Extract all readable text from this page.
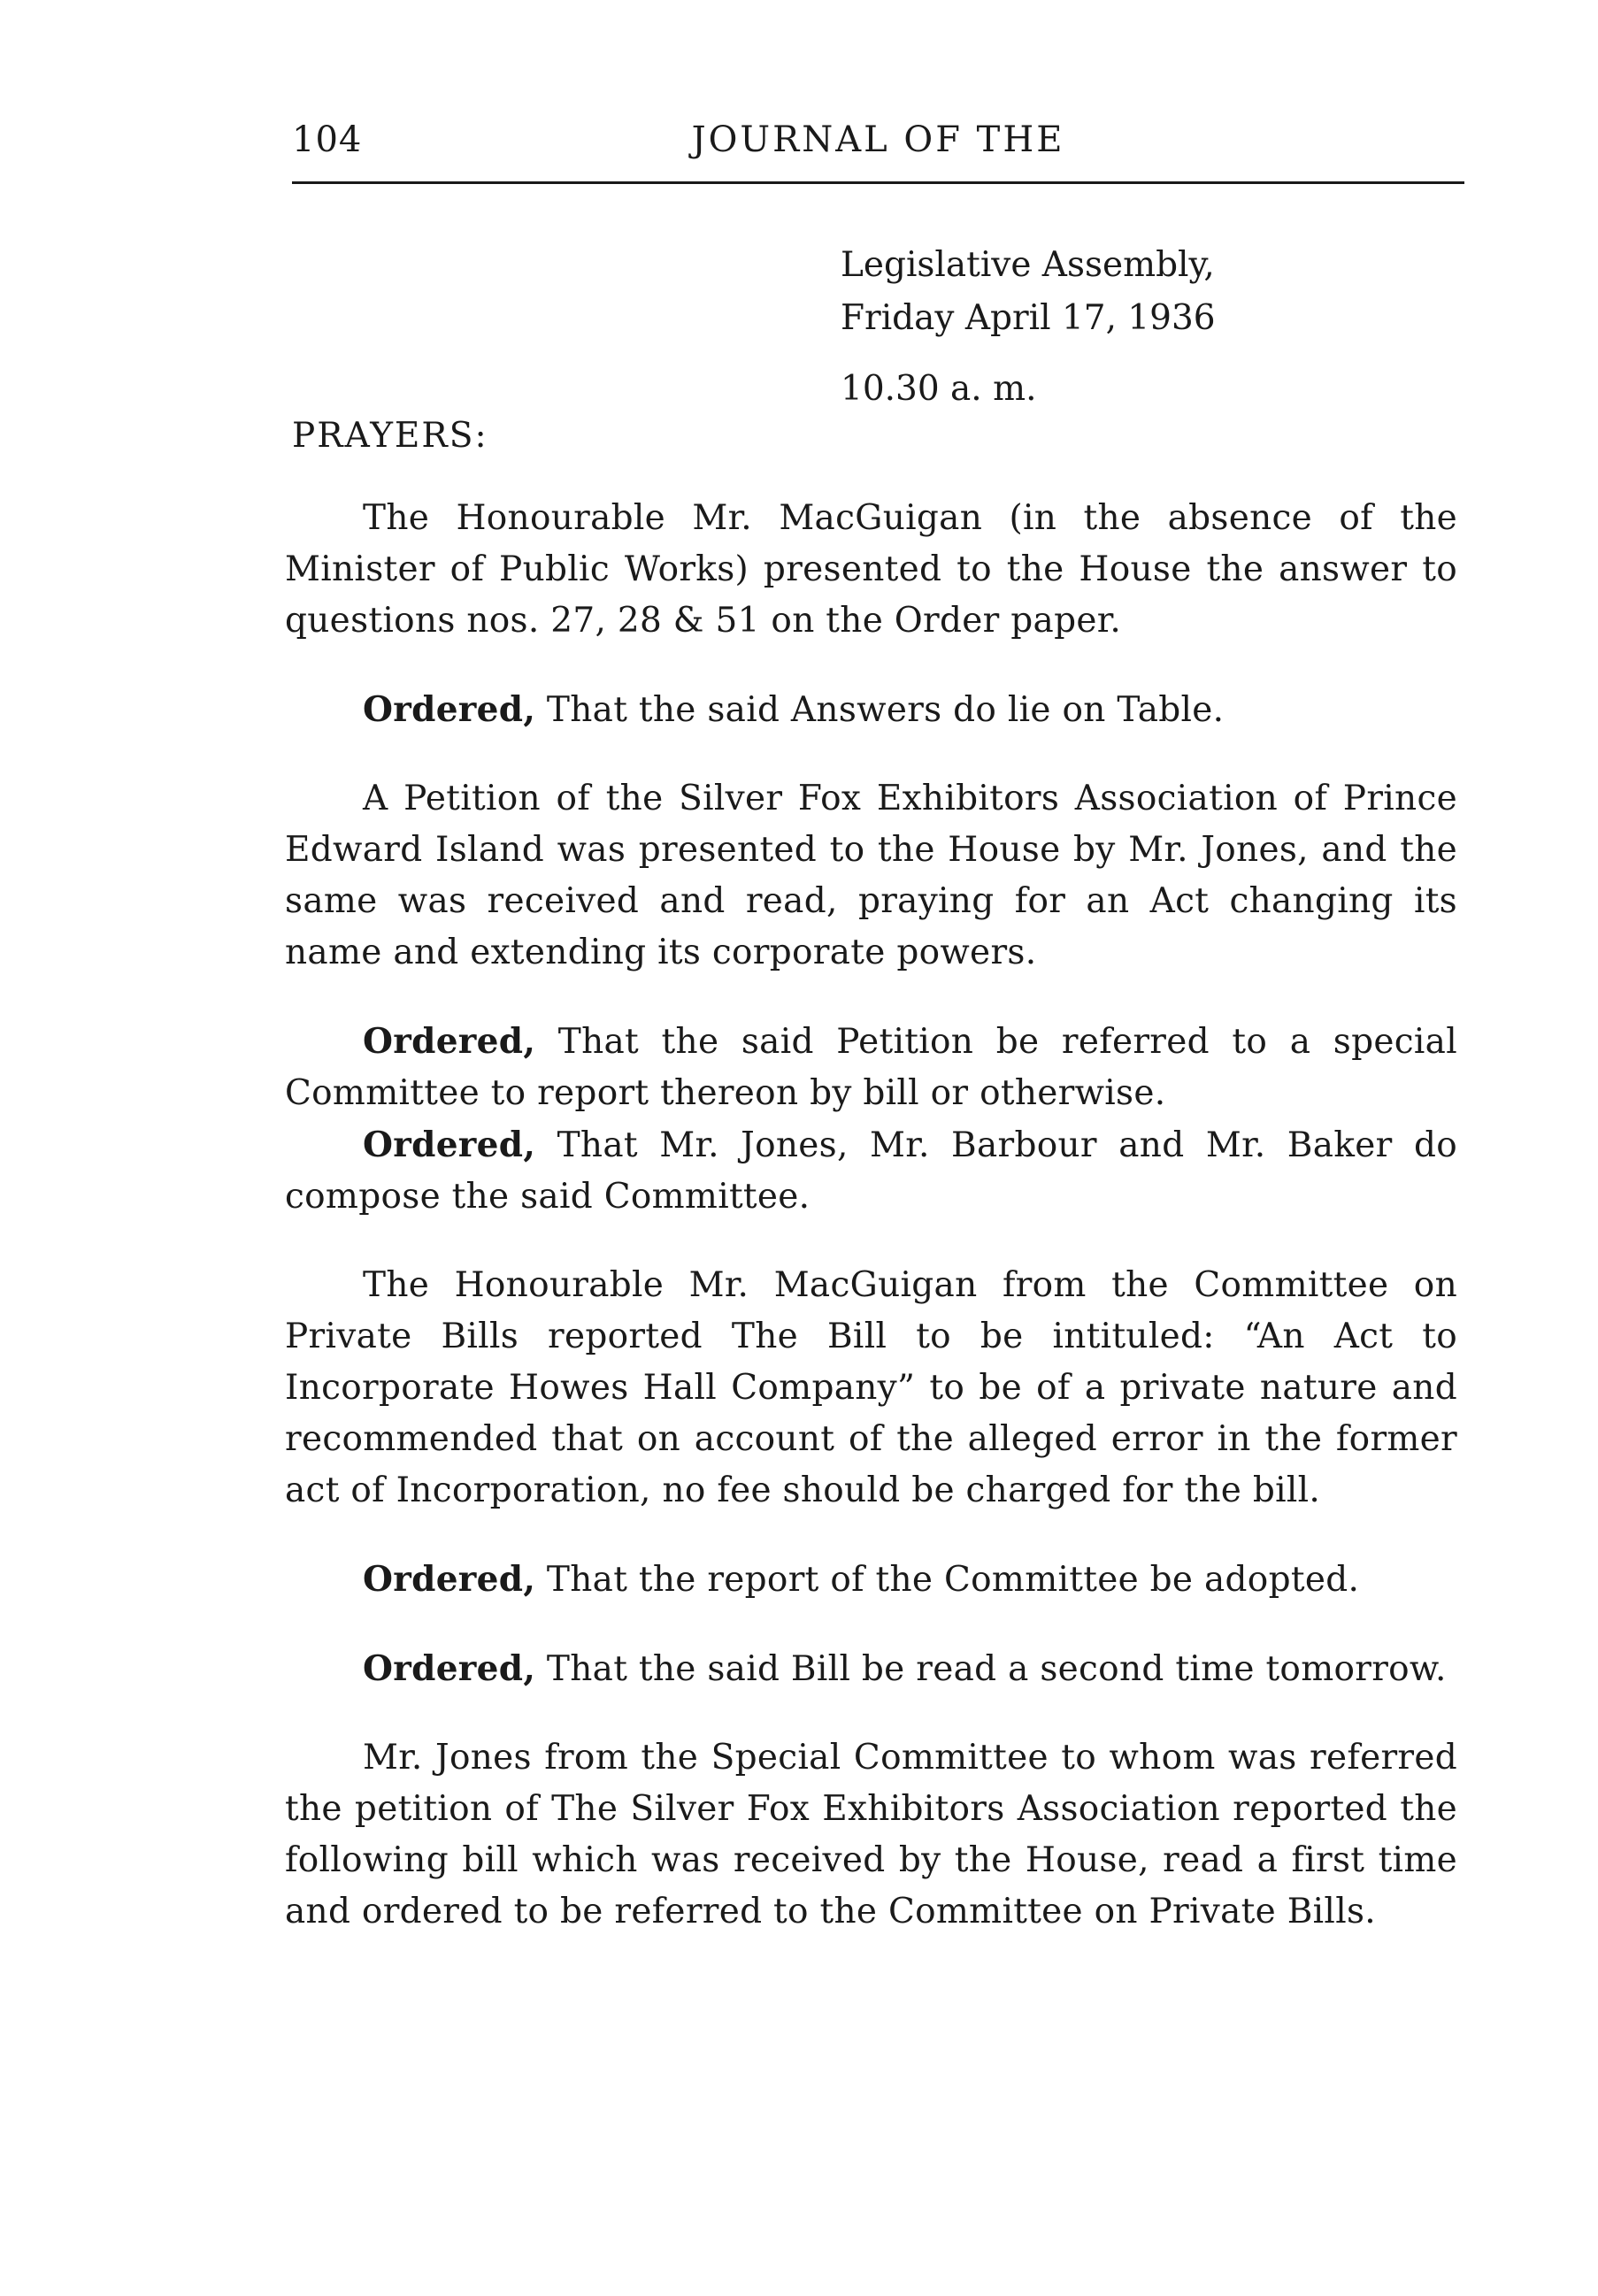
104	JOURNAL OF THE
Legislative Assembly,
Friday April 17, 1936
10.30 a. m.
PRAYERS:

The Honourable Mr. MacGuigan (in the absence of the Minister of Public Works) presented to the House the answer to questions nos. 27, 28 & 51 on the Order paper.

Ordered, That the said Answers do lie on Table.

A Petition of the Silver Fox Exhibitors Association of Prince Edward Island was presented to the House by Mr. Jones, and the same was received and read, praying for an Act changing its name and extending its corporate powers.

Ordered, That the said Petition be referred to a special Committee to report thereon by bill or otherwise.

Ordered, That Mr. Jones, Mr. Barbour and Mr. Baker do compose the said Committee.

The Honourable Mr. MacGuigan from the Committee on Private Bills reported The Bill to be intituled: “An Act to Incorporate Howes Hall Company” to be of a private nature and recommended that on account of the alleged error in the former act of Incorporation, no fee should be charged for the bill.

Ordered, That the report of the Committee be adopted.

Ordered, That the said Bill be read a second time tomorrow.

Mr. Jones from the Special Committee to whom was referred the petition of The Silver Fox Exhibitors Association reported the following bill which was received by the House, read a first time and ordered to be referred to the Committee on Private Bills.
